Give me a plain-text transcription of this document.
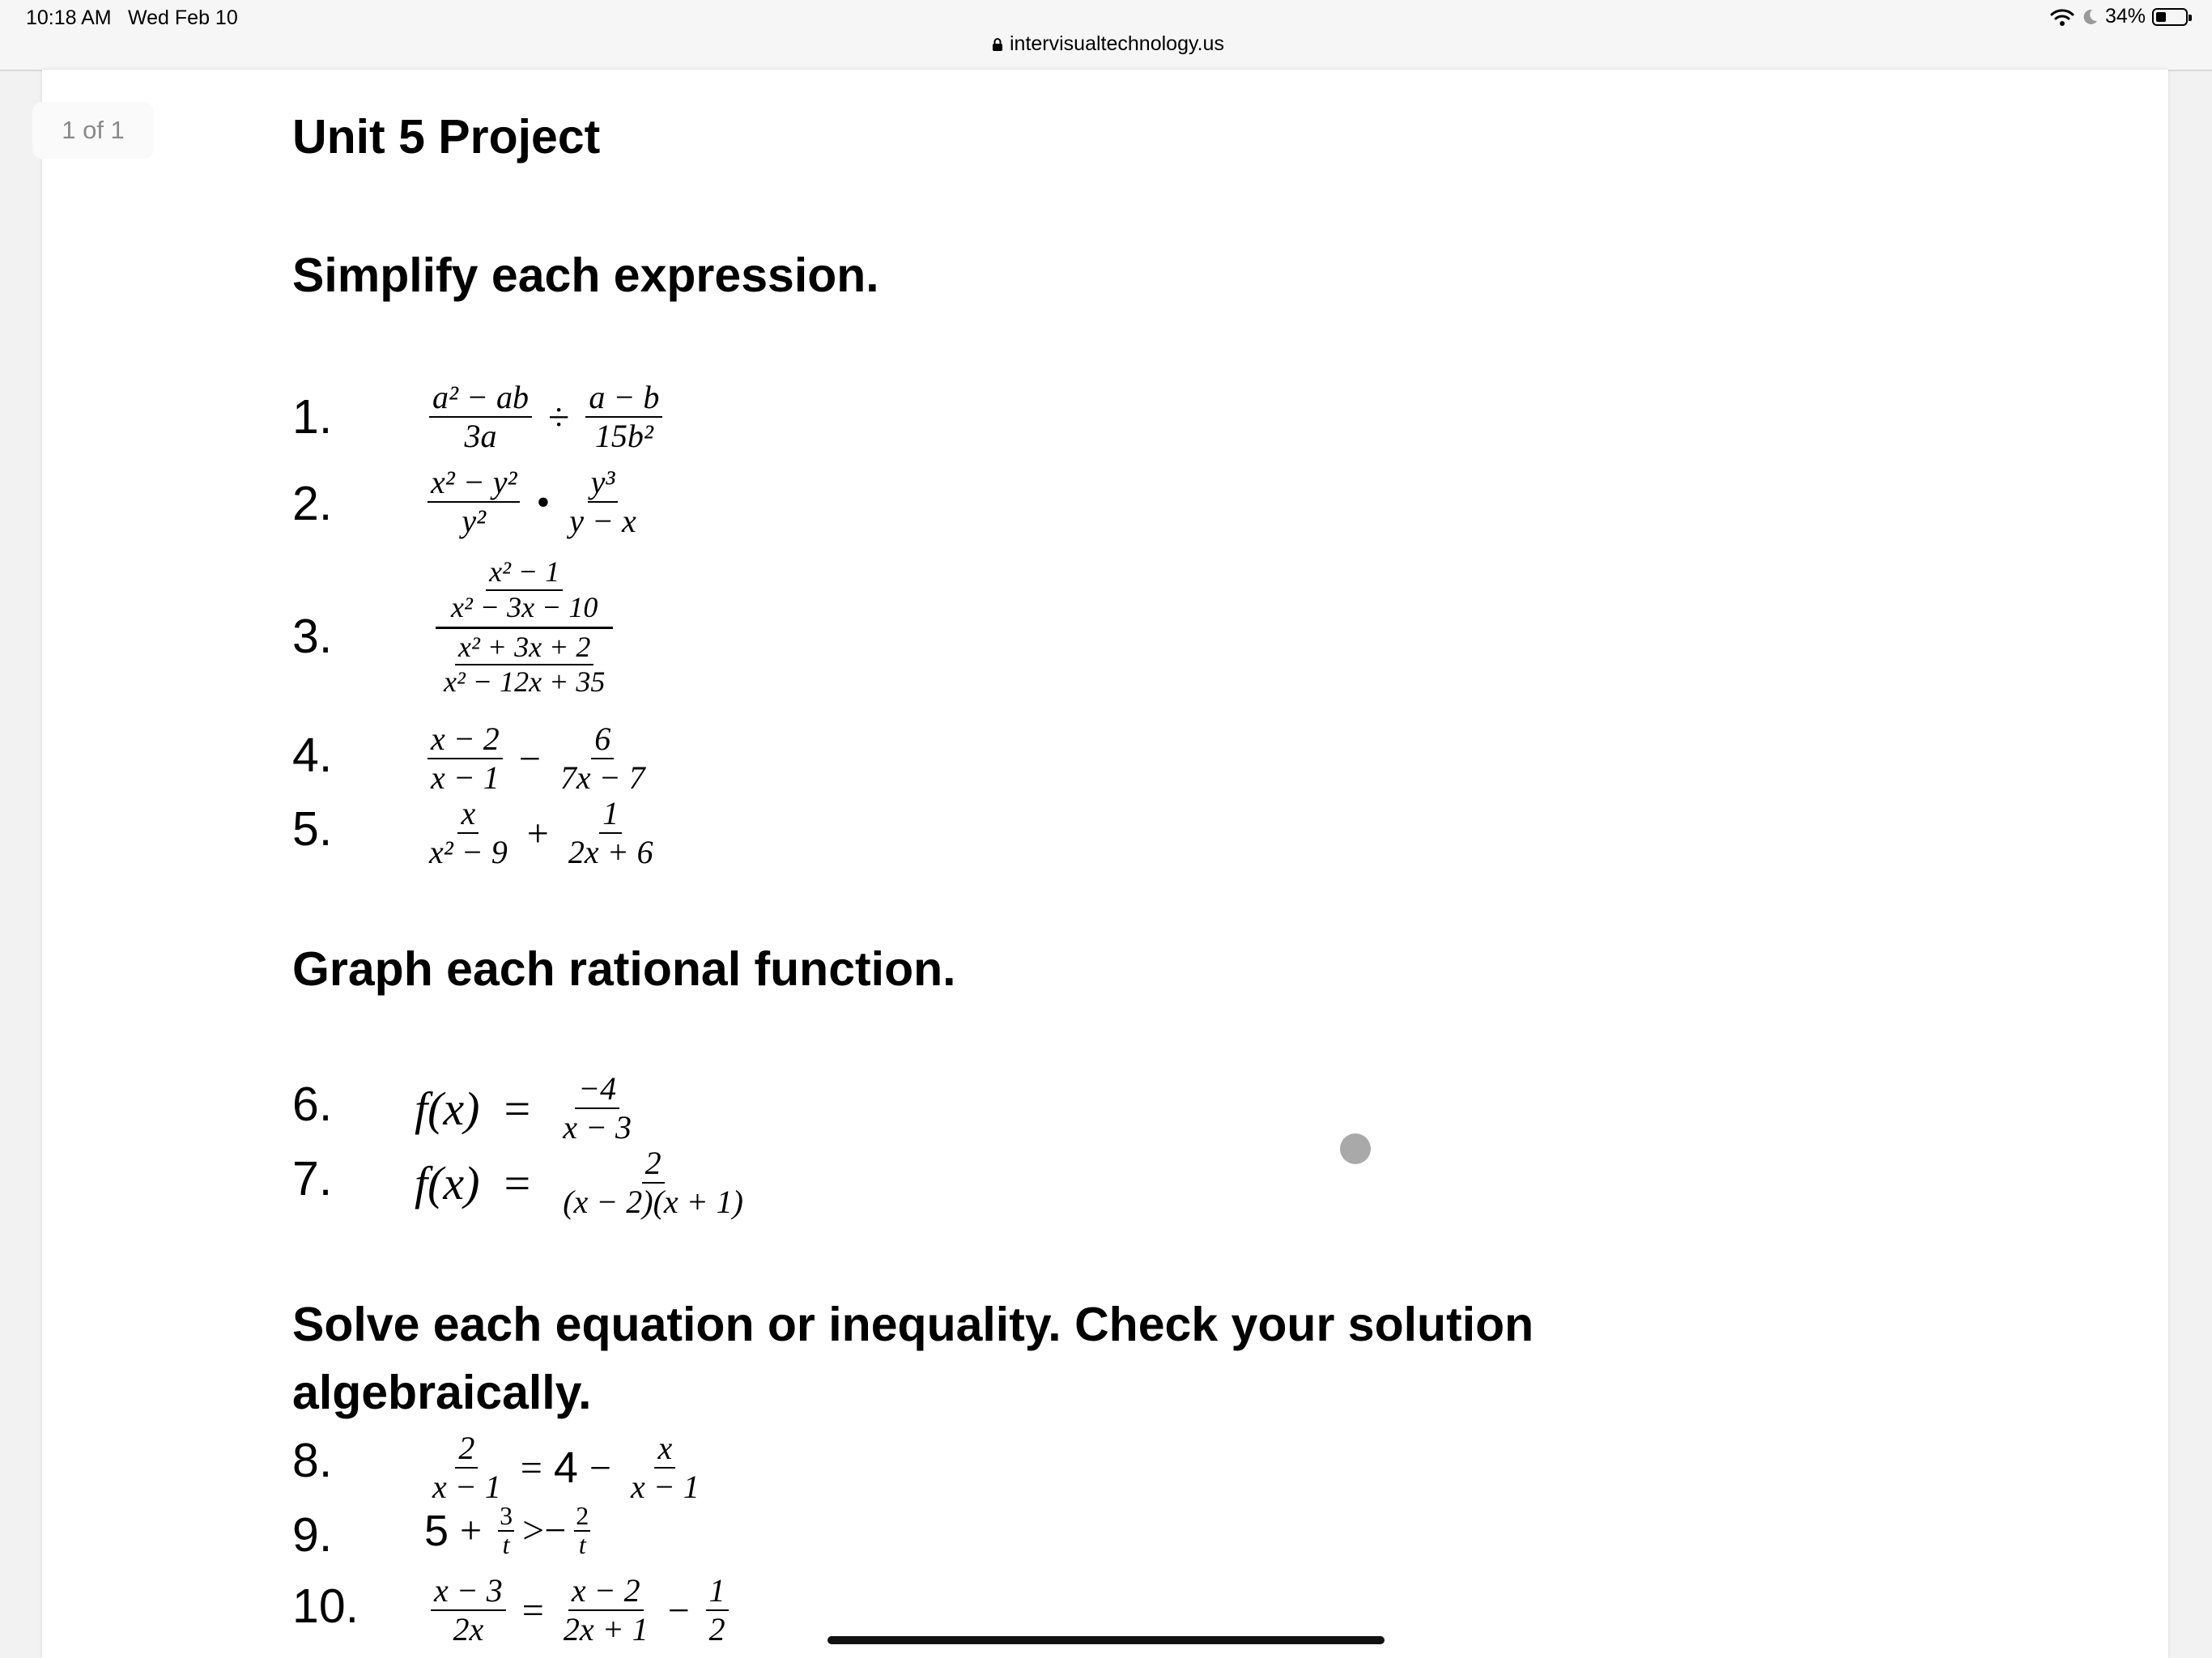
10:18 AM Wed Feb 10
intervisualtechnology.us
34%
1 of 1	Unit 5 Project
Simplify each expression.
1.	$\frac{\text{a² − ab}}{3a} \div \frac{a - b}{\text{15b²}}$
2.	$\frac{\text{x² − y²}}{\text{y²}}$ • $\frac{\text{y³}}{y - x}$
3.	$\frac{\frac{\text{x² − 1}}{\text{x² − 3x − 10}}}{\frac{\text{x² + 3x + 2}}{\text{x² − 12x + 35}}}$
4.	$\frac{x - 2}{x - 1} - \frac{6}{7x - 7}$
5.	$\frac{x}{\text{x² − 9}} + \frac{1}{2x + 6}$
Graph each rational function.
6. $f(x) = \frac{-4}{x - 3}$
7. $f(x) = \frac{2}{(x - 2)(x + 1)}$
Solve each equation or inequality. Check your solution algebraically.
8.	$\frac{2}{x - 1} = 4 - \frac{x}{x - 1}$
9. $5 + \frac{3}{t} >- \frac{2}{t}$
10. $\frac{x - 3}{2x} = \frac{x - 2}{2x + 1} - \frac{1}{2}$
